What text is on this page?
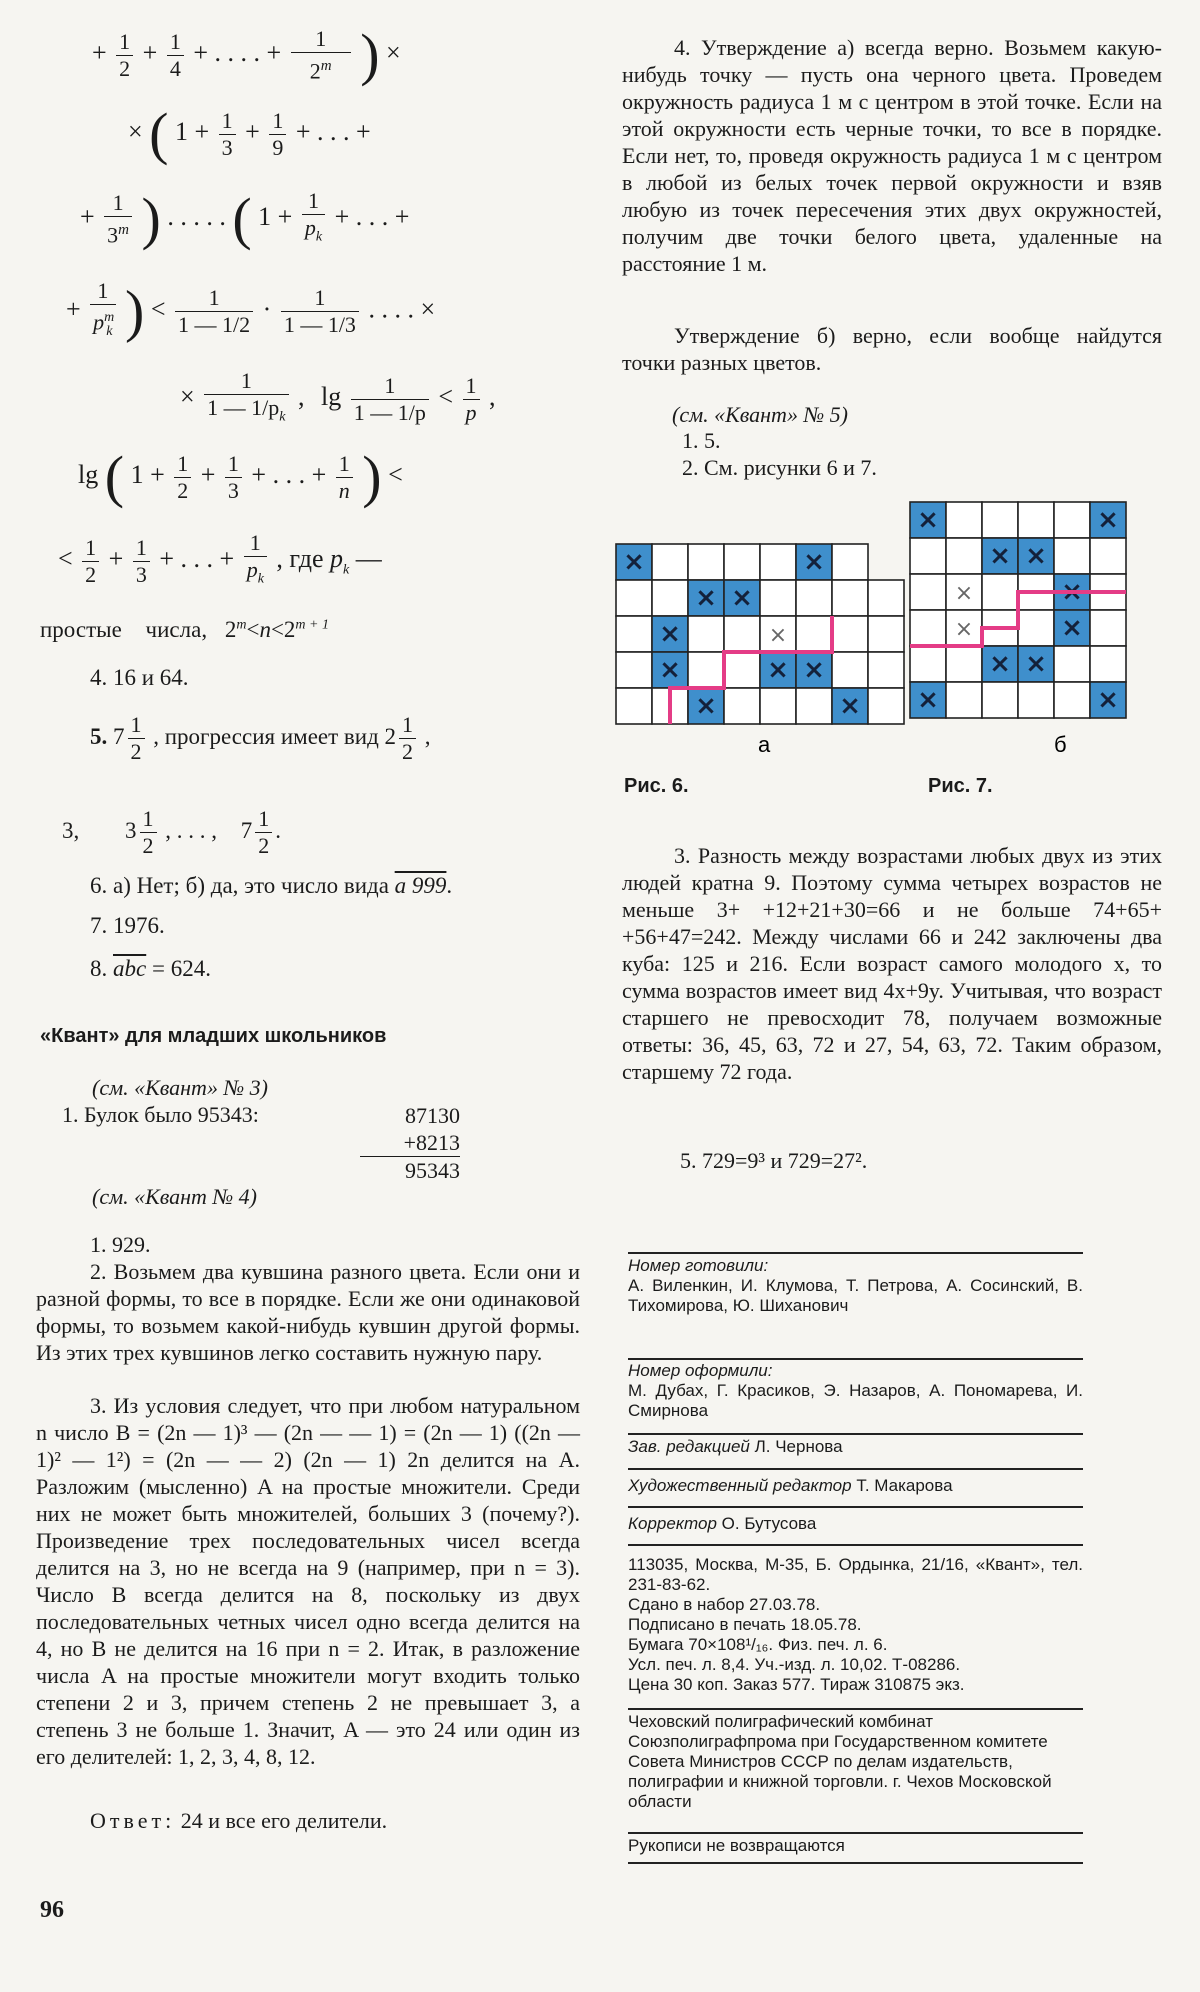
+ $\frac{1}{2} + \frac{1}{4}$ + . . . . + $\frac{1}{2^m}$ ) ×
× ( $1 + \frac{1}{3} + \frac{1}{9}$ + . . . +
+ $\frac{1}{3^m}$ ) . . . . . ( $1 + \frac{1}{p_k}$ + . . . +
+ $\frac{1}{p^m_k}$ ) < $\frac{1}{1 — 1/2} \cdot \frac{1}{1 — 1/3}$ . . . . ×
× $\frac{1}{1 — 1/p_k}$ , $\lg \frac{1}{1 — 1/p} < \frac{1}{p}$ ,
lg ( $1 + \frac{1}{2} + \frac{1}{3}$ + . . . + $\frac{1}{n}$ ) <
< $\frac{1}{2} + \frac{1}{3}$ + . . . + $\frac{1}{p_k}$ , где $p_k$ —
простые числа, $2^m<n<2^{m + 1}$
4. 16 и 64.
5. $7 \frac{1}{2}$ , прогрессия имеет вид $2 \frac{1}{2}$ ,
3, $3 \frac{1}{2}$ , . . . , $7 \frac{1}{2}$ .
6. а) Нет; б) да, это число вида a 999.
7. 1976.
8. $\overline{abc} = 624$.
«Квант» для младших школьников
(см. «Квант» № 3)
1. Булок было 95343:	87130
+8213
95343
(см. «Квант № 4)
1. 929.
2. Возьмем два кувшина разного цвета. Если они и разной формы, то все в порядке. Если же они одинаковой формы, то возьмем какой-нибудь кувшин другой формы. Из этих трех кувшинов легко составить нужную пару.
3. Из условия следует, что при любом натуральном n число B = (2n — 1)³ — (2n — — 1) = (2n — 1) ((2n — 1)² — 1²) = (2n — — 2) (2n — 1) 2n делится на A. Разложим (мысленно) A на простые множители. Среди них не может быть множителей, больших 3 (почему?). Произведение трех последовательных чисел всегда делится на 3, но не всегда на 9 (например, при n = 3). Число B всегда делится на 8, поскольку из двух последовательных четных чисел одно всегда делится на 4, но B не делится на 16 при n = 2. Итак, в разложение числа A на простые множители могут входить только степени 2 и 3, причем степень 2 не превышает 3, а степень 3 не больше 1. Значит, A — это 24 или один из его делителей: 1, 2, 3, 4, 8, 12.
Ответ: 24 и все его делители.
96
4. Утверждение а) всегда верно. Возьмем какую-нибудь точку — пусть она черного цвета. Проведем окружность радиуса 1 м с центром в этой точке. Если на этой окружности есть черные точки, то все в порядке. Если нет, то, проведя окружность радиуса 1 м с центром в любой из белых точек первой окружности и взяв любую из точек пересечения этих двух окружностей, получим две точки белого цвета, удаленные на расстояние 1 м.
Утверждение б) верно, если вообще найдутся точки разных цветов.
(см. «Квант» № 5)
1. 5.
2. См. рисунки 6 и 7.
×	×
× ×
×	×
×	× ×
×	×
×	×
× ×
×	×
×	×
× ×
×	×
а	б
Рис. 6.	Рис. 7.
3. Разность между возрастами любых двух из этих людей кратна 9. Поэтому сумма четырех возрастов не меньше 3+ +12+21+30=66 и не больше 74+65+ +56+47=242. Между числами 66 и 242 заключены два куба: 125 и 216. Если возраст самого молодого x, то сумма возрастов имеет вид 4x+9y. Учитывая, что возраст старшего не превосходит 78, получаем возможные ответы: 36, 45, 63, 72 и 27, 54, 63, 72. Таким образом, старшему 72 года.
5. 729=9³ и 729=27².
Номер готовили:
А. Виленкин, И. Клумова, Т. Петрова, А. Сосинский, В. Тихомирова, Ю. Шиханович
Номер оформили:
М. Дубах, Г. Красиков, Э. Назаров, А. Пономарева, И. Смирнова
Зав. редакцией Л. Чернова
Художественный редактор Т. Макарова
Корректор О. Бутусова
113035, Москва, М-35, Б. Ордынка, 21/16, «Квант», тел. 231-83-62.
Сдано в набор 27.03.78.
Подписано в печать 18.05.78.
Бумага 70×108¹/₁₆. Физ. печ. л. 6.
Усл. печ. л. 8,4. Уч.-изд. л. 10,02. Т-08286.
Цена 30 коп. Заказ 577. Тираж 310875 экз.
Чеховский полиграфический комбинат Союзполиграфпрома при Государственном комитете Совета Министров СССР по делам издательств, полиграфии и книжной торговли. г. Чехов Московской области
Рукописи не возвращаются
